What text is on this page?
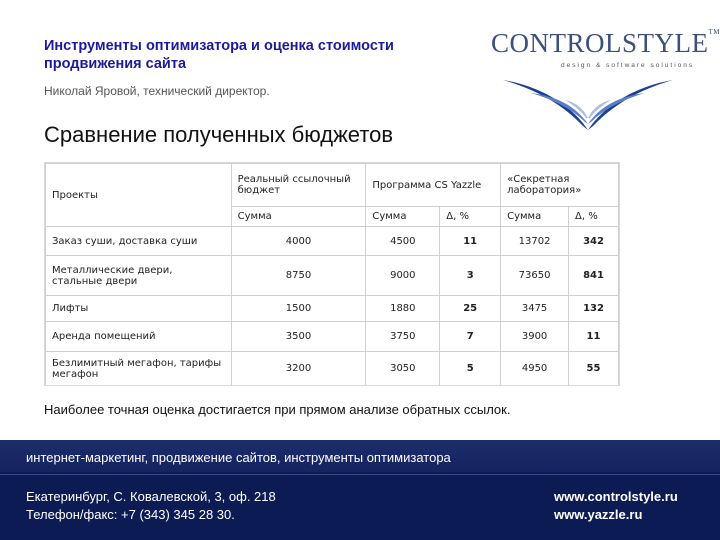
Инструменты оптимизатора и оценка стоимости продвижения сайта
Николай Яровой, технический директор.
CONTROLSTYLE™
design & software solutions
Сравнение полученных бюджетов
Проекты	Реальный ссылочный бюджет	Программа CS Yazzle		«Секретная лаборатория»	
	Сумма	Сумма	Δ, %	Сумма	Δ, %
Заказ суши, доставка суши	4000	4500	11	13702	342
Металлические двери, стальные двери	8750	9000	3	73650	841
Лифты	1500	1880	25	3475	132
Аренда помещений	3500	3750	7	3900	11
Безлимитный мегафон, тарифы мегафон	3200	3050	5	4950	55
Наиболее точная оценка достигается при прямом анализе обратных ссылок.
интернет-маркетинг, продвижение сайтов, инструменты оптимизатора
Екатеринбург, С. Ковалевской, 3, оф. 218
Телефон/факс: +7 (343) 345 28 30.
www.controlstyle.ru
www.yazzle.ru
